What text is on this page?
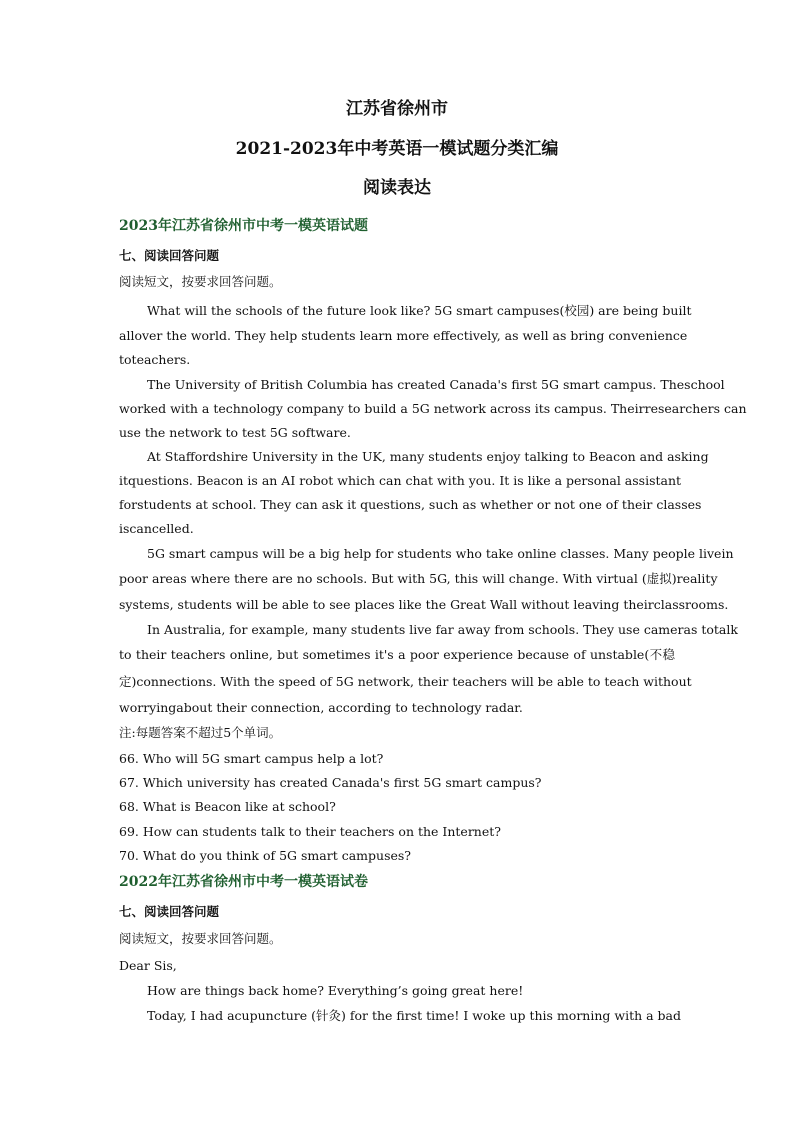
江苏省徐州市
2021-2023年中考英语一模试题分类汇编
阅读表达
2023年江苏省徐州市中考一模英语试题
七、阅读回答问题
阅读短文，按要求回答问题。
What will the schools of the future look like? 5G smart campuses(校园) are being built
allover the world. They help students learn more effectively, as well as bring convenience
toteachers.
The University of British Columbia has created Canada's first 5G smart campus. Theschool
worked with a technology company to build a 5G network across its campus. Theirresearchers can
use the network to test 5G software.
At Staffordshire University in the UK, many students enjoy talking to Beacon and asking
itquestions. Beacon is an AI robot which can chat with you. It is like a personal assistant
forstudents at school. They can ask it questions, such as whether or not one of their classes
iscancelled.
5G smart campus will be a big help for students who take online classes. Many people livein
poor areas where there are no schools. But with 5G, this will change. With virtual (虚拟)reality
systems, students will be able to see places like the Great Wall without leaving theirclassrooms.
In Australia, for example, many students live far away from schools. They use cameras totalk
to their teachers online, but sometimes it's a poor experience because of unstable(不稳
定)connections. With the speed of 5G network, their teachers will be able to teach without
worryingabout their connection, according to technology radar.
注:每题答案不超过5个单词。
66. Who will 5G smart campus help a lot?
67. Which university has created Canada's first 5G smart campus?
68. What is Beacon like at school?
69. How can students talk to their teachers on the Internet?
70. What do you think of 5G smart campuses?
2022年江苏省徐州市中考一模英语试卷
七、阅读回答问题
阅读短文，按要求回答问题。
Dear Sis,
How are things back home? Everything’s going great here!
Today, I had acupuncture (针灸) for the first time! I woke up this morning with a bad
